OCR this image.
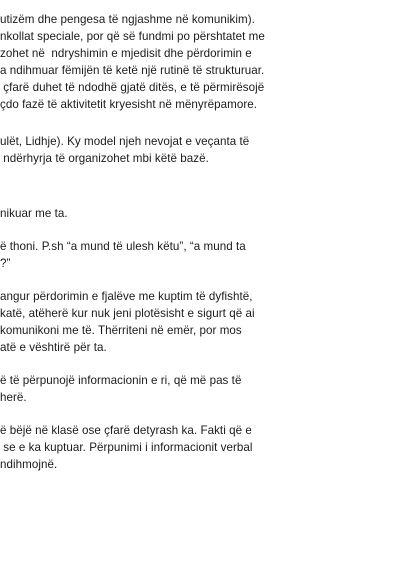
utizëm dhe pengesa të ngjashme në komunikim).
nkollat speciale, por që së fundmi po përshtatet me
zohet në  ndryshimin e mjedisit dhe përdorimin e
a ndihmuar fëmijën të ketë një rutinë të strukturuar.
çfarë duhet të ndodhë gjatë ditës, e të përmirësojë
çdo fazë të aktivitetit kryesisht në mënyrëpamore.
ulët, Lidhje). Ky model njeh nevojat e veçanta të
ndërhyrja të organizohet mbi këtë bazë.
nikuar me ta.
ë thoni. P.sh “a mund të ulesh këtu”, “a mund ta
?”
angur përdorimin e fjalëve me kuptim të dyfishtë,
katë, atëherë kur nuk jeni plotësisht e sigurt që ai
komunikoni me të. Thërriteni në emër, por mos
atë e vështirë për ta.
ë të përpunojë informacionin e ri, që më pas të
herë.
ë bëjë në klasë ose çfarë detyrash ka. Fakti që e
se e ka kuptuar. Përpunimi i informacionit verbal
ndihmojnë.
